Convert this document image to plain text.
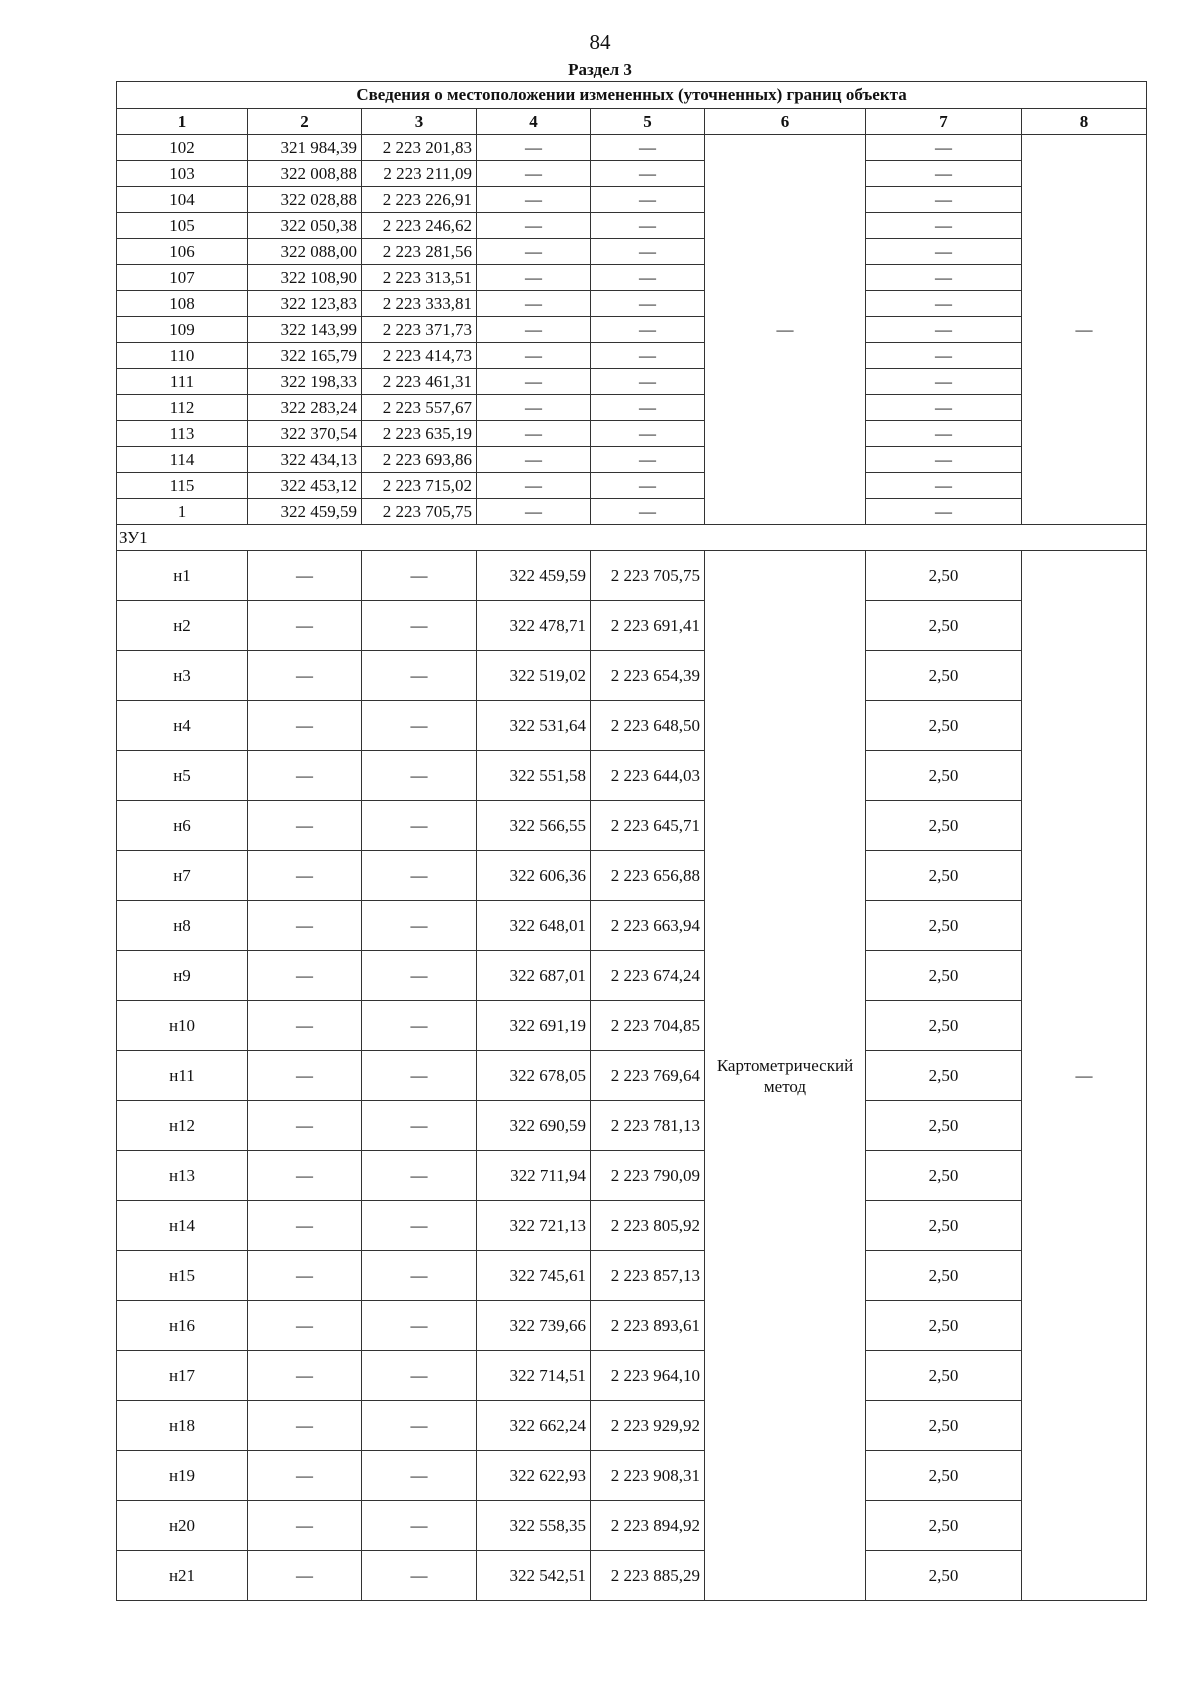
84
Раздел 3
Сведения о местоположении измененных (уточненных) границ объекта							
1	2	3	4	5	6	7	8
102	321 984,39	2 223 201,83	—	—	—	—	—
103	322 008,88	2 223 211,09	—	—		—	
104	322 028,88	2 223 226,91	—	—		—	
105	322 050,38	2 223 246,62	—	—		—	
106	322 088,00	2 223 281,56	—	—		—	
107	322 108,90	2 223 313,51	—	—		—	
108	322 123,83	2 223 333,81	—	—		—	
109	322 143,99	2 223 371,73	—	—		—	
110	322 165,79	2 223 414,73	—	—		—	
111	322 198,33	2 223 461,31	—	—		—	
112	322 283,24	2 223 557,67	—	—		—	
113	322 370,54	2 223 635,19	—	—		—	
114	322 434,13	2 223 693,86	—	—		—	
115	322 453,12	2 223 715,02	—	—		—	
1	322 459,59	2 223 705,75	—	—		—	
ЗУ1							
н1	—	—	322 459,59	2 223 705,75	Картометрический метод	2,50	—
н2	—	—	322 478,71	2 223 691,41		2,50	
н3	—	—	322 519,02	2 223 654,39		2,50	
н4	—	—	322 531,64	2 223 648,50		2,50	
н5	—	—	322 551,58	2 223 644,03		2,50	
н6	—	—	322 566,55	2 223 645,71		2,50	
н7	—	—	322 606,36	2 223 656,88		2,50	
н8	—	—	322 648,01	2 223 663,94		2,50	
н9	—	—	322 687,01	2 223 674,24		2,50	
н10	—	—	322 691,19	2 223 704,85		2,50	
н11	—	—	322 678,05	2 223 769,64		2,50	
н12	—	—	322 690,59	2 223 781,13		2,50	
н13	—	—	322 711,94	2 223 790,09		2,50	
н14	—	—	322 721,13	2 223 805,92		2,50	
н15	—	—	322 745,61	2 223 857,13		2,50	
н16	—	—	322 739,66	2 223 893,61		2,50	
н17	—	—	322 714,51	2 223 964,10		2,50	
н18	—	—	322 662,24	2 223 929,92		2,50	
н19	—	—	322 622,93	2 223 908,31		2,50	
н20	—	—	322 558,35	2 223 894,92		2,50	
н21	—	—	322 542,51	2 223 885,29		2,50	
